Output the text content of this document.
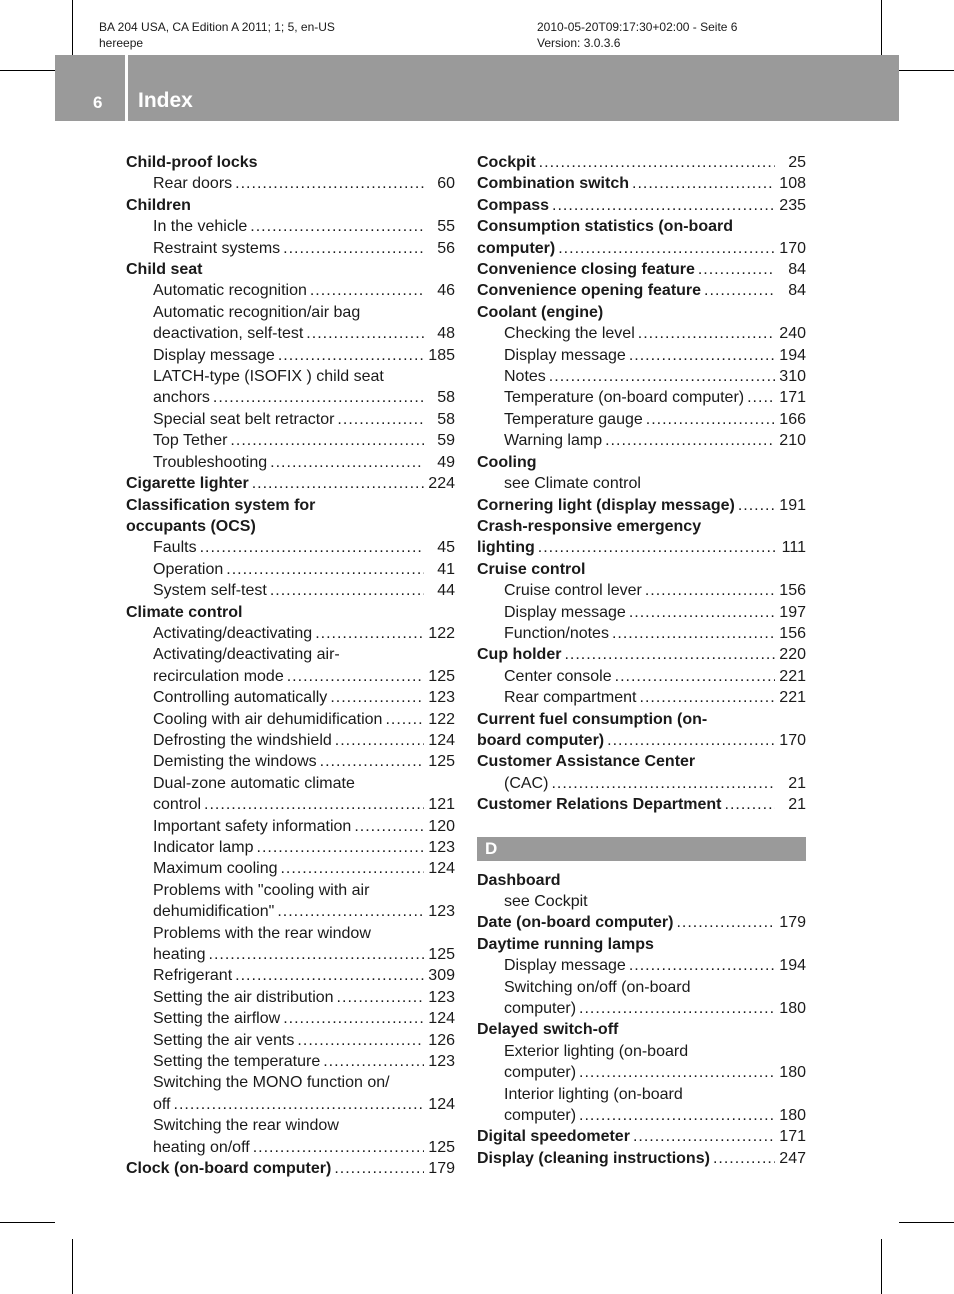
BA 204 USA, CA Edition A 2011; 1; 5, en-US
hereepe
2010-05-20T09:17:30+02:00 - Seite 6
Version: 3.0.3.6
6 Index
Child-proof locks
Rear doors .....	60
Children
In the vehicle .....	55
Restraint systems .....	56
Child seat
Automatic recognition .....	46
Automatic recognition/air bag
deactivation, self-test .....	48
Display message .....	185
LATCH-type (ISOFIX ) child seat
anchors .....	58
Special seat belt retractor .....	58
Top Tether .....	59
Troubleshooting .....	49
Cigarette lighter .....	224
Classification system for
occupants (OCS)
Faults .....	45
Operation .....	41
System self-test .....	44
Climate control
Activating/deactivating .....	122
Activating/deactivating air-
recirculation mode .....	125
Controlling automatically .....	123
Cooling with air dehumidification .....	122
Defrosting the windshield .....	124
Demisting the windows .....	125
Dual-zone automatic climate
control .....	121
Important safety information .....	120
Indicator lamp .....	123
Maximum cooling .....	124
Problems with "cooling with air
dehumidification" .....	123
Problems with the rear window
heating .....	125
Refrigerant .....	309
Setting the air distribution .....	123
Setting the airflow .....	124
Setting the air vents .....	126
Setting the temperature .....	123
Switching the MONO function on/
off .....	124
Switching the rear window
heating on/off .....	125
Clock (on-board computer) .....	179
Cockpit .....	25
Combination switch .....	108
Compass .....	235
Consumption statistics (on-board
computer) .....	170
Convenience closing feature .....	84
Convenience opening feature .....	84
Coolant (engine)
Checking the level .....	240
Display message .....	194
Notes .....	310
Temperature (on-board computer) ..... 171
Temperature gauge .....	166
Warning lamp .....	210
Cooling
see Climate control
Cornering light (display message) .....	191
Crash-responsive emergency
lighting .....	111
Cruise control
Cruise control lever .....	156
Display message .....	197
Function/notes .....	156
Cup holder .....	220
Center console .....	221
Rear compartment .....	221
Current fuel consumption (on-
board computer) .....	170
Customer Assistance Center
(CAC) .....	21
Customer Relations Department .....	21
D
Dashboard
see Cockpit
Date (on-board computer) .....	179
Daytime running lamps
Display message .....	194
Switching on/off (on-board
computer) .....	180
Delayed switch-off
Exterior lighting (on-board
computer) .....	180
Interior lighting (on-board
computer) .....	180
Digital speedometer .....	171
Display (cleaning instructions) .....	247
